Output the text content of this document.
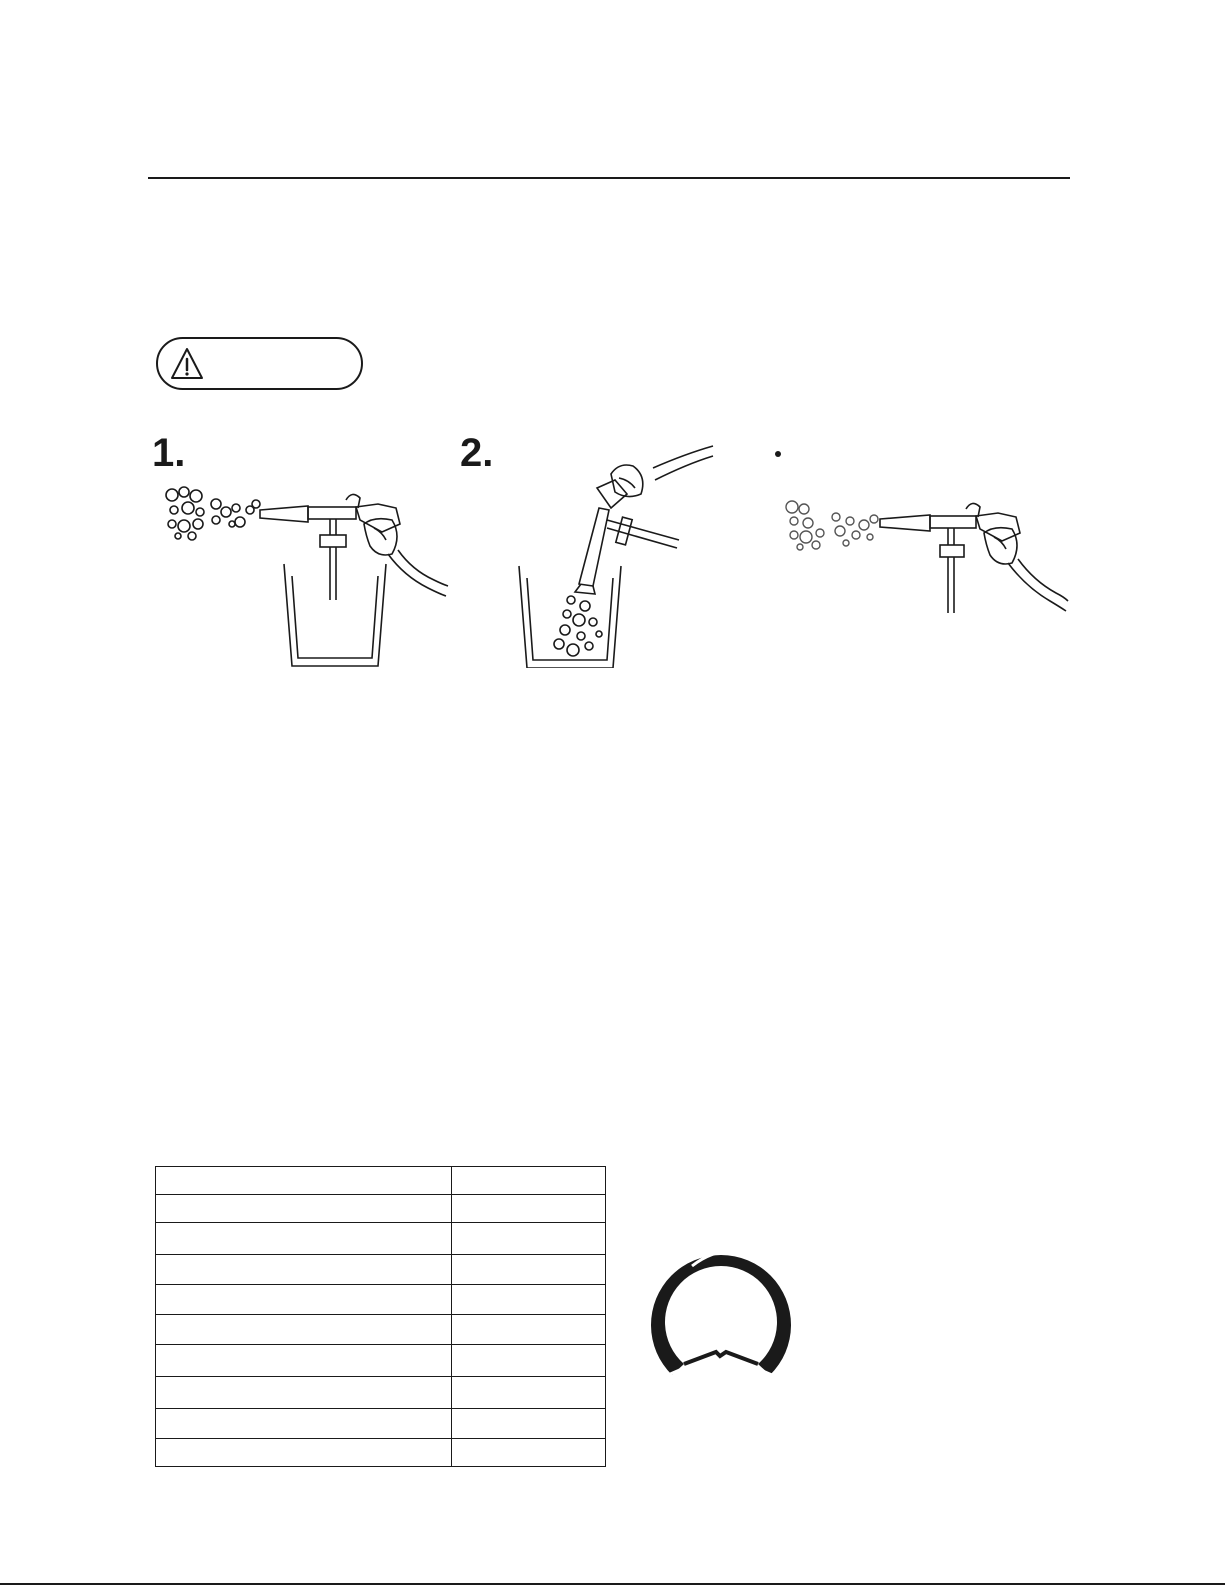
1.	2.
